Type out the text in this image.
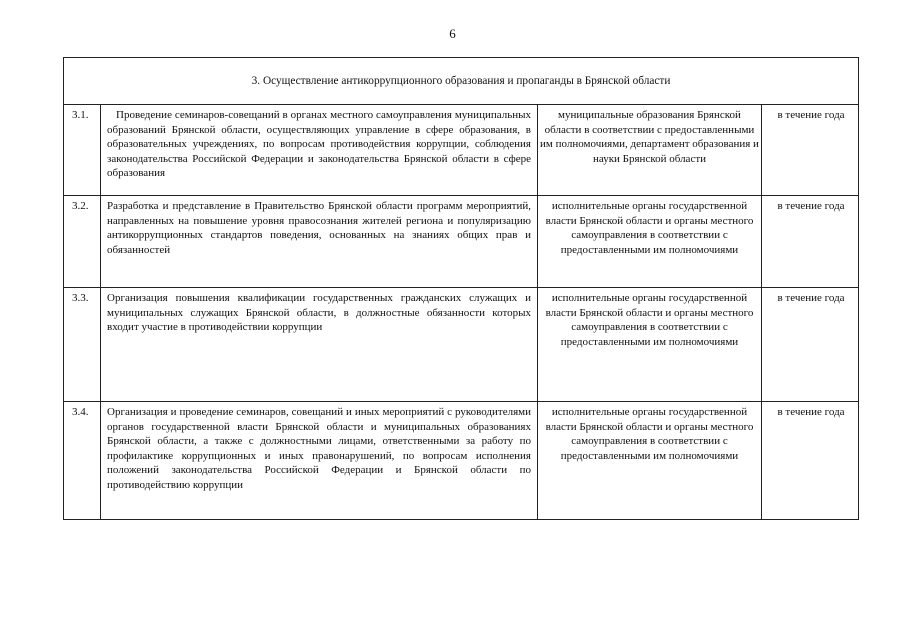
6
3. Осуществление антикоррупционного образования и пропаганды в Брянской области			
3.1.	Проведение семинаров-совещаний в органах местного самоуправления муниципальных образований Брянской области, осуществляющих управление в сфере образования, в образовательных учреждениях, по вопросам противодействия коррупции, соблюдения законодательства Российской Федерации и законодательства Брянской области в сфере образования	муниципальные образования Брянской области в соответствии с предоставленными им полномочиями, департамент образования и науки Брянской области	в течение года
3.2.	Разработка и представление в Правительство Брянской области программ мероприятий, направленных на повышение уровня правосознания жителей региона и популяризацию антикоррупционных стандартов поведения, основанных на знаниях общих прав и обязанностей	исполнительные органы государственной власти Брянской области и органы местного самоуправления в соответствии с предоставленными им полномочиями	в течение года
3.3.	Организация повышения квалификации государственных гражданских служащих и муниципальных служащих Брянской области, в должностные обязанности которых входит участие в противодействии коррупции	исполнительные органы государственной власти Брянской области и органы местного самоуправления в соответствии с предоставленными им полномочиями	в течение года
3.4.	Организация и проведение семинаров, совещаний и иных мероприятий с руководителями органов государственной власти Брянской области и муниципальных образованиях Брянской области, а также с должностными лицами, ответственными за работу по профилактике коррупционных и иных правонарушений, по вопросам исполнения положений законодательства Российской Федерации и Брянской области по противодействию коррупции	исполнительные органы государственной власти Брянской области и органы местного самоуправления в соответствии с предоставленными им полномочиями	в течение года
